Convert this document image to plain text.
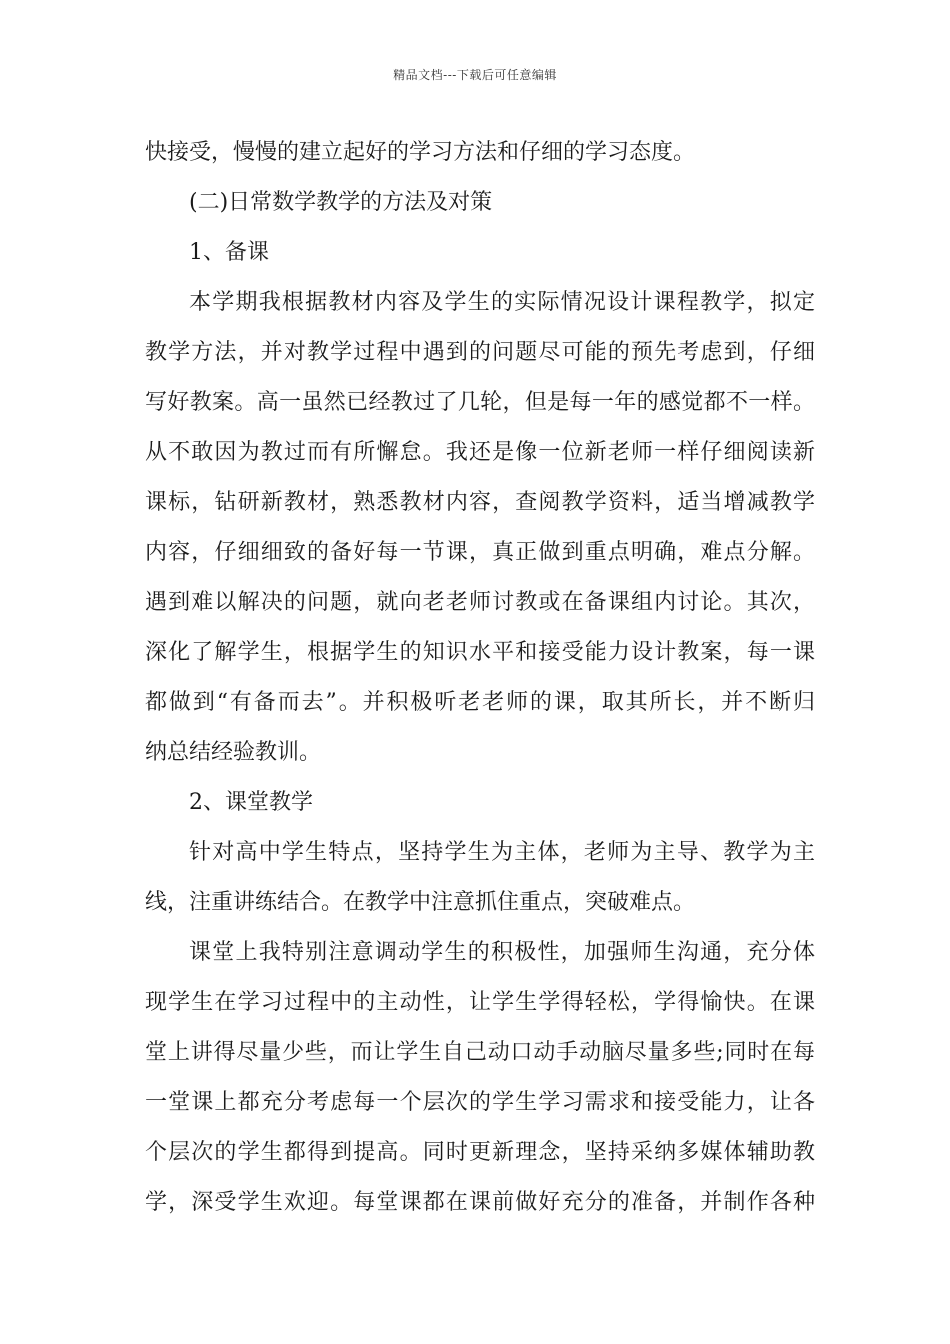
精品文档---下载后可任意编辑
快接受，慢慢的建立起好的学习方法和仔细的学习态度。
(二)日常数学教学的方法及对策
1、备课
本学期我根据教材内容及学生的实际情况设计课程教学，拟定
教学方法，并对教学过程中遇到的问题尽可能的预先考虑到，仔细
写好教案。高一虽然已经教过了几轮，但是每一年的感觉都不一样。
从不敢因为教过而有所懈怠。我还是像一位新老师一样仔细阅读新
课标，钻研新教材，熟悉教材内容，查阅教学资料，适当增减教学
内容，仔细细致的备好每一节课，真正做到重点明确，难点分解。
遇到难以解决的问题，就向老老师讨教或在备课组内讨论。其次，
深化了解学生，根据学生的知识水平和接受能力设计教案，每一课
都做到“有备而去”。并积极听老老师的课，取其所长，并不断归
纳总结经验教训。
2、课堂教学
针对高中学生特点，坚持学生为主体，老师为主导、教学为主
线，注重讲练结合。在教学中注意抓住重点，突破难点。
课堂上我特别注意调动学生的积极性，加强师生沟通，充分体
现学生在学习过程中的主动性，让学生学得轻松，学得愉快。在课
堂上讲得尽量少些，而让学生自己动口动手动脑尽量多些;同时在每
一堂课上都充分考虑每一个层次的学生学习需求和接受能力，让各
个层次的学生都得到提高。同时更新理念，坚持采纳多媒体辅助教
学，深受学生欢迎。每堂课都在课前做好充分的准备，并制作各种
